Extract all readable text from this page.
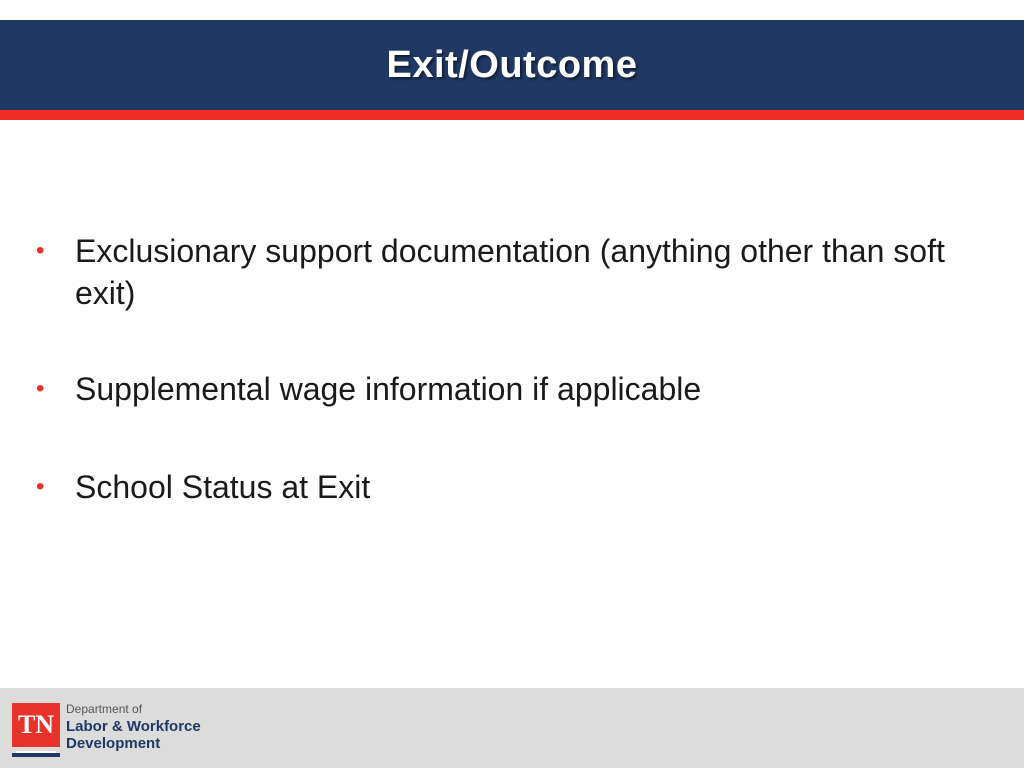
Exit/Outcome
• Exclusionary support documentation (anything other than soft exit)
• Supplemental wage information if applicable
• School Status at Exit
TN
Department of
Labor & Workforce
Development
